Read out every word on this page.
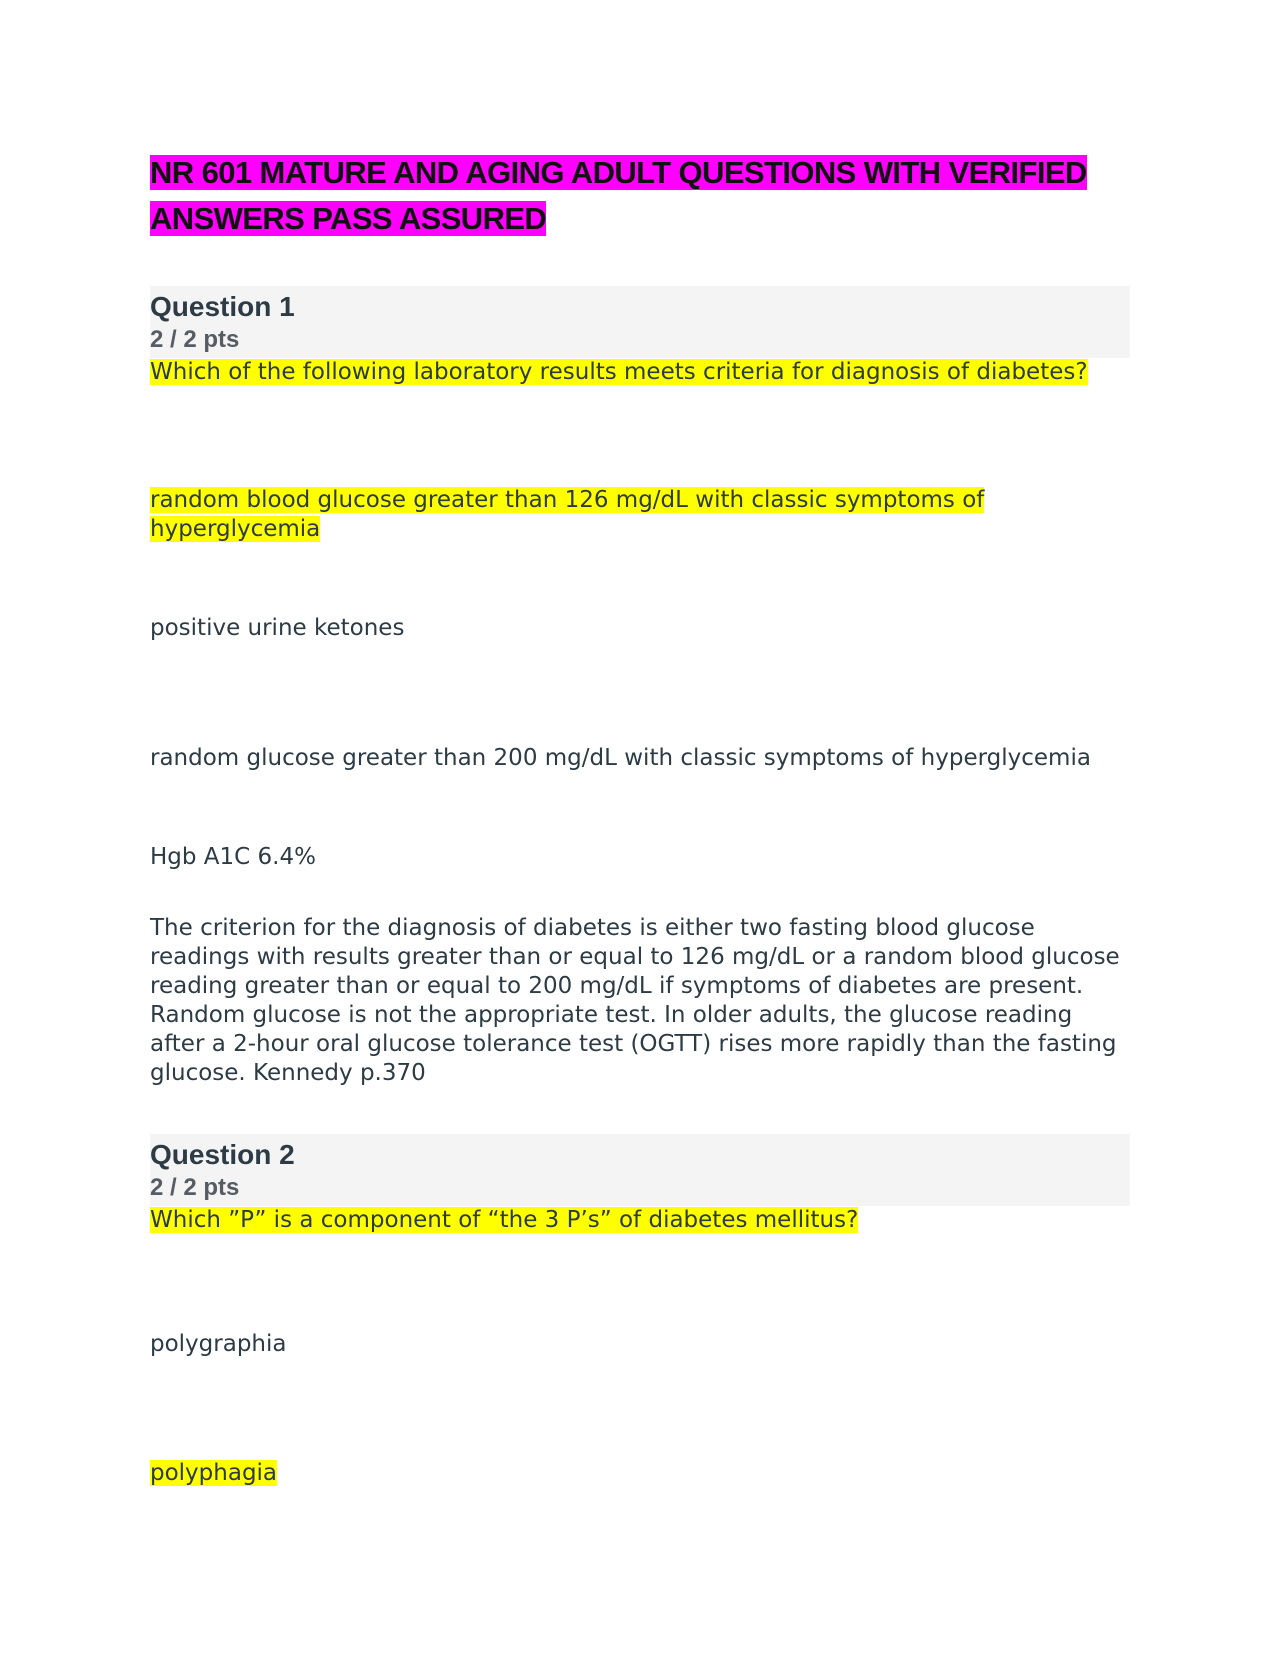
NR 601 MATURE AND AGING ADULT QUESTIONS WITH VERIFIED ANSWERS PASS ASSURED
Question 1
2 / 2 pts

Which of the following laboratory results meets criteria for diagnosis of diabetes?

random blood glucose greater than 126 mg/dL with classic symptoms of hyperglycemia

positive urine ketones

random glucose greater than 200 mg/dL with classic symptoms of hyperglycemia

Hgb A1C 6.4%

The criterion for the diagnosis of diabetes is either two fasting blood glucose readings with results greater than or equal to 126 mg/dL or a random blood glucose reading greater than or equal to 200 mg/dL if symptoms of diabetes are present. Random glucose is not the appropriate test. In older adults, the glucose reading after a 2-hour oral glucose tolerance test (OGTT) rises more rapidly than the fasting glucose. Kennedy p.370

Question 2
2 / 2 pts

Which ”P” is a component of “the 3 P’s” of diabetes mellitus?

polygraphia

polyphagia
